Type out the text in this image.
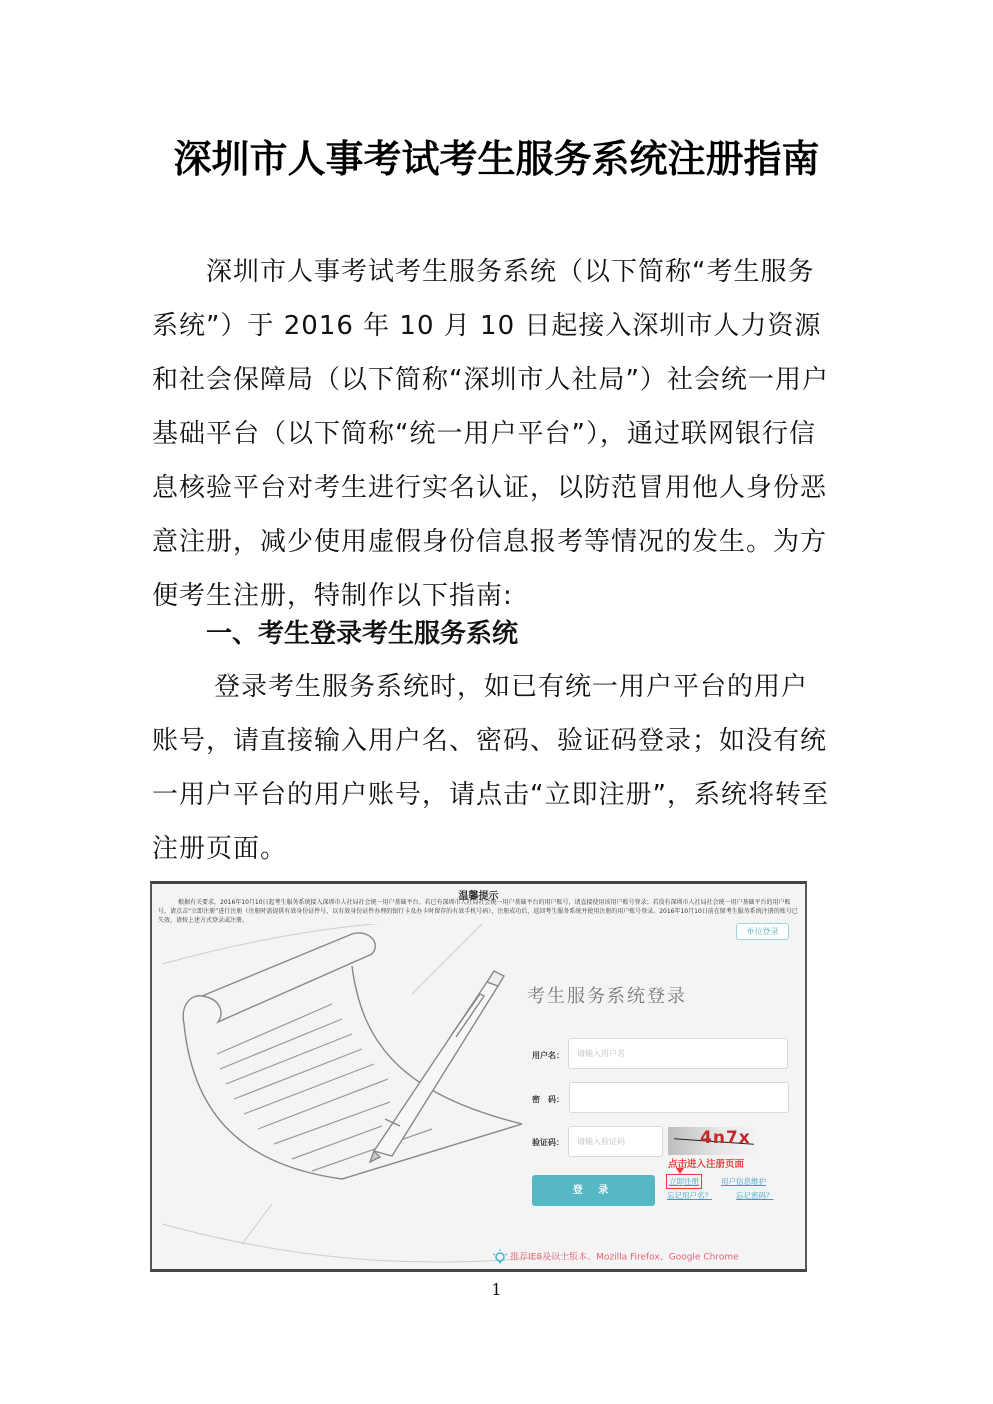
深圳市人事考试考生服务系统注册指南
深圳市人事考试考生服务系统（以下简称“考生服务系统”）于 2016 年 10 月 10 日起接入深圳市人力资源和社会保障局（以下简称“深圳市人社局”）社会统一用户基础平台（以下简称“统一用户平台”），通过联网银行信息核验平台对考生进行实名认证，以防范冒用他人身份恶意注册，减少使用虚假身份信息报考等情况的发生。为方便考生注册，特制作以下指南:
一、考生登录考生服务系统
登录考生服务系统时，如已有统一用户平台的用户账号，请直接输入用户名、密码、验证码登录；如没有统一用户平台的用户账号，请点击“立即注册”，系统将转至注册页面。
温馨提示
根据有关要求，2016年10月10日起考生服务系统接入深圳市人社局社会统一用户基础平台。若已有深圳市人社局社会统一用户基础平台的用户账号，请直接使用该用户账号登录；若没有深圳市人社局社会统一用户基础平台的用户账号，请点击“立即注册”进行注册（注册时需提供有效身份证件号、以有效身份证件办理的银行卡及办卡时留存的有效手机号码），注册成功后，返回考生服务系统并使用注册的用户账号登录。2016年10月10日前在原考生服务系统注册的账号已失效，请按上述方式登录或注册。
单位登录
考生服务系统登录
用户名：	请输入用户名
密　码：
验证码：	请输入验证码	4n7x
点击进入注册页面
登 录
立即注册	用户信息维护
忘记用户名？	忘记密码？
推荐IE8及以上版本、Mozilla Firefox、Google Chrome
1
